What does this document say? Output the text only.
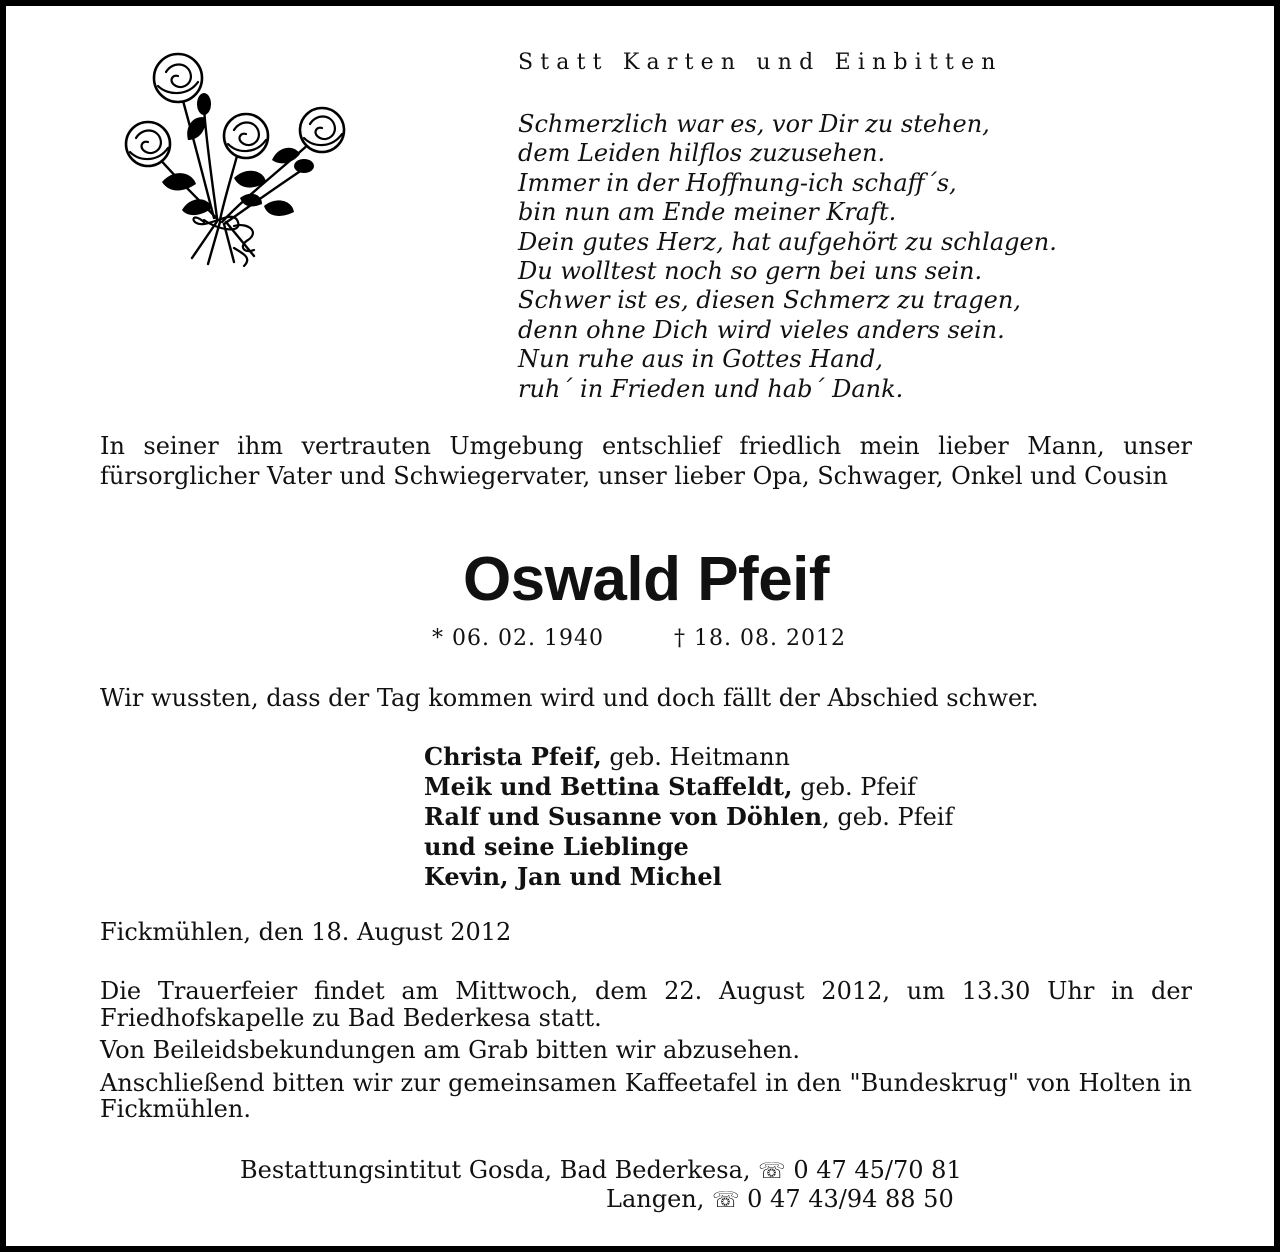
Statt Karten und Einbitten
Schmerzlich war es, vor Dir zu stehen,
dem Leiden hilflos zuzusehen.
Immer in der Hoffnung-ich schaff´s,
bin nun am Ende meiner Kraft.
Dein gutes Herz, hat aufgehört zu schlagen.
Du wolltest noch so gern bei uns sein.
Schwer ist es, diesen Schmerz zu tragen,
denn ohne Dich wird vieles anders sein.
Nun ruhe aus in Gottes Hand,
ruh´ in Frieden und hab´ Dank.
In seiner ihm vertrauten Umgebung entschlief friedlich mein lieber Mann, unser fürsorglicher Vater und Schwiegervater, unser lieber Opa, Schwager, Onkel und Cousin
Oswald Pfeif
* 06. 02. 1940	† 18. 08. 2012
Wir wussten, dass der Tag kommen wird und doch fällt der Abschied schwer.
Christa Pfeif, geb. Heitmann
Meik und Bettina Staffeldt, geb. Pfeif
Ralf und Susanne von Döhlen, geb. Pfeif
und seine Lieblinge
Kevin, Jan und Michel
Fickmühlen, den 18. August 2012
Die Trauerfeier findet am Mittwoch, dem 22. August 2012, um 13.30 Uhr in der Friedhofskapelle zu Bad Bederkesa statt.
Von Beileidsbekundungen am Grab bitten wir abzusehen.
Anschließend bitten wir zur gemeinsamen Kaffeetafel in den "Bundeskrug" von Holten in Fickmühlen.
Bestattungsintitut Gosda, Bad Bederkesa, ☏ 0 47 45/70 81
Langen, ☏ 0 47 43/94 88 50
